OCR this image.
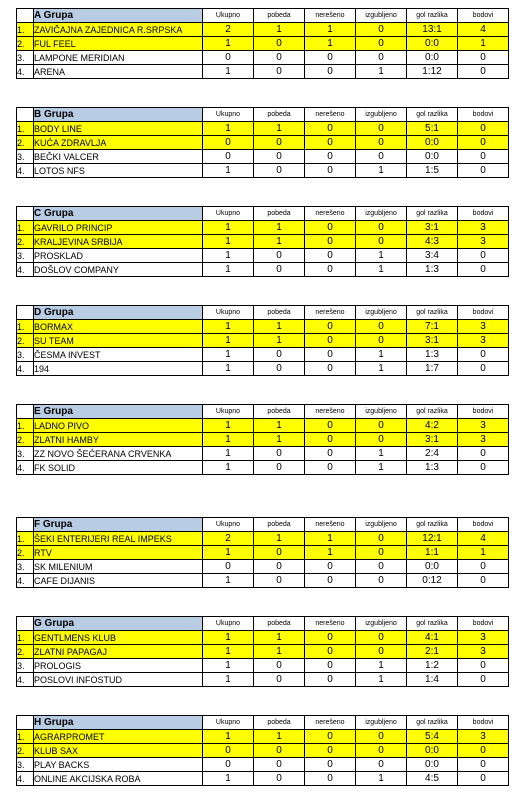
	A Grupa	Ukupno	pobeda	nerešeno	izgubljeno	gol razlika	bodovi
1.	ZAVIČAJNA ZAJEDNICA R.SRPSKA	2	1	1	0	13:1	4
2.	FUL FEEL	1	0	1	0	0:0	1
3.	LAMPONE MERIDIAN	0	0	0	0	0:0	0
4.	ARENA	1	0	0	1	1:12	0
	B Grupa	Ukupno	pobeda	nerešeno	izgubljeno	gol razlika	bodovi
1.	BODY LINE	1	1	0	0	5:1	0
2.	KUĆA ZDRAVLJA	0	0	0	0	0:0	0
3.	BEČKI VALCER	0	0	0	0	0:0	0
4.	LOTOS NFS	1	0	0	1	1:5	0
	C Grupa	Ukupno	pobeda	nerešeno	izgubljeno	gol razlika	bodovi
1.	GAVRILO PRINCIP	1	1	0	0	3:1	3
2.	KRALJEVINA SRBIJA	1	1	0	0	4:3	3
3.	PROSKLAD	1	0	0	1	3:4	0
4.	DOŠLOV COMPANY	1	0	0	1	1:3	0
	D Grupa	Ukupno	pobeda	nerešeno	izgubljeno	gol razlika	bodovi
1.	BORMAX	1	1	0	0	7:1	3
2.	SU TEAM	1	1	0	0	3:1	3
3.	ČESMA INVEST	1	0	0	1	1:3	0
4.	194	1	0	0	1	1:7	0
	E Grupa	Ukupno	pobeda	nerešeno	izgubljeno	gol razlika	bodovi
1.	LADNO PIVO	1	1	0	0	4:2	3
2.	ZLATNI HAMBY	1	1	0	0	3:1	3
3.	ZZ NOVO ŠEĆERANA CRVENKA	1	0	0	1	2:4	0
4.	FK SOLID	1	0	0	1	1:3	0
	F Grupa	Ukupno	pobeda	nerešeno	izgubljeno	gol razlika	bodovi
1.	ŠEKI ENTERIJERI REAL IMPEKS	2	1	1	0	12:1	4
2.	RTV	1	0	1	0	1:1	1
3.	SK MILENIUM	0	0	0	0	0:0	0
4.	CAFE DIJANIS	1	0	0	0	0:12	0
	G Grupa	Ukupno	pobeda	nerešeno	izgubljeno	gol razlika	bodovi
1.	GENTLMENS KLUB	1	1	0	0	4:1	3
2.	ZLATNI PAPAGAJ	1	1	0	0	2:1	3
3.	PROLOGIS	1	0	0	1	1:2	0
4.	POSLOVI INFOSTUD	1	0	0	1	1:4	0
	H Grupa	Ukupno	pobeda	nerešeno	izgubljeno	gol razlika	bodovi
1.	AGRARPROMET	1	1	0	0	5:4	3
2.	KLUB SAX	0	0	0	0	0:0	0
3.	PLAY BACKS	0	0	0	0	0:0	0
4.	ONLINE AKCIJSKA ROBA	1	0	0	1	4:5	0
